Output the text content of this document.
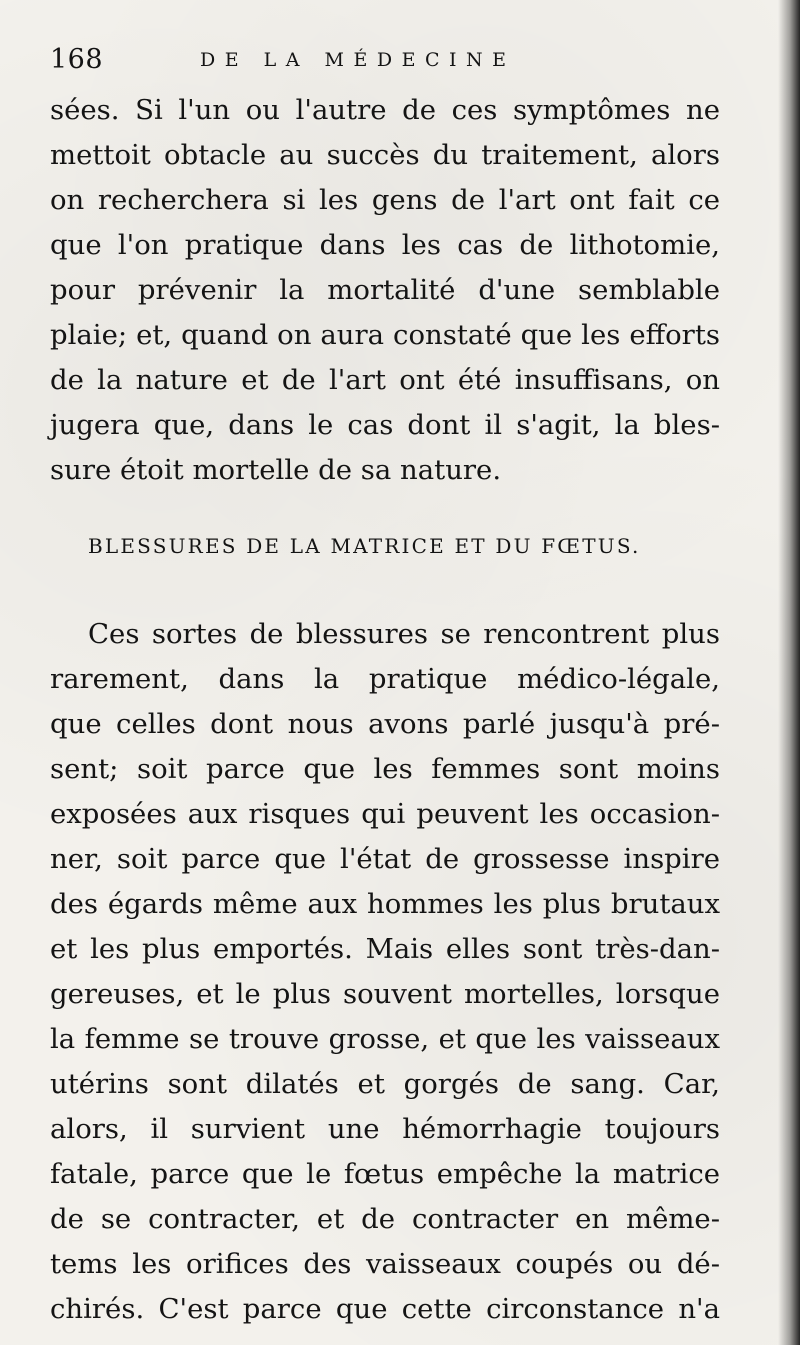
168	DE LA MÉDECINE
sées. Si l'un ou l'autre de ces symptômes ne
mettoit obtacle au succès du traitement, alors
on recherchera si les gens de l'art ont fait ce
que l'on pratique dans les cas de lithotomie,
pour prévenir la mortalité d'une semblable
plaie; et, quand on aura constaté que les efforts
de la nature et de l'art ont été insuffisans, on
jugera que, dans le cas dont il s'agit, la bles-
sure étoit mortelle de sa nature.
BLESSURES DE LA MATRICE ET DU FŒTUS.
Ces sortes de blessures se rencontrent plus
rarement, dans la pratique médico-légale,
que celles dont nous avons parlé jusqu'à pré-
sent; soit parce que les femmes sont moins
exposées aux risques qui peuvent les occasion-
ner, soit parce que l'état de grossesse inspire
des égards même aux hommes les plus brutaux
et les plus emportés. Mais elles sont très-dan-
gereuses, et le plus souvent mortelles, lorsque
la femme se trouve grosse, et que les vaisseaux
utérins sont dilatés et gorgés de sang. Car,
alors, il survient une hémorrhagie toujours
fatale, parce que le fœtus empêche la matrice
de se contracter, et de contracter en même-
tems les orifices des vaisseaux coupés ou dé-
chirés. C'est parce que cette circonstance n'a
